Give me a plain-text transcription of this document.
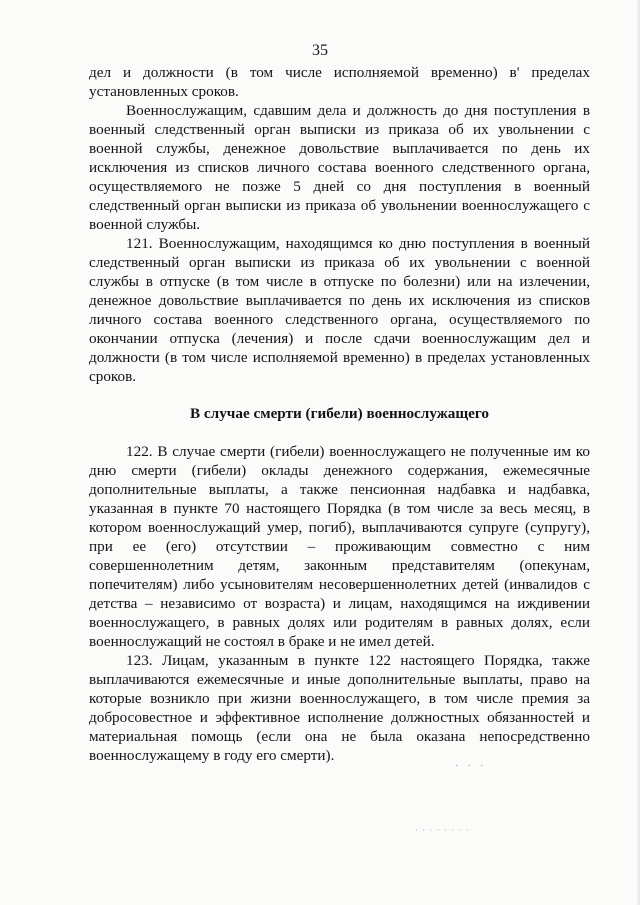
35

дел и должности (в том числе исполняемой временно) в' пределах установленных сроков.

Военнослужащим, сдавшим дела и должность до дня поступления в военный следственный орган выписки из приказа об их увольнении с военной службы, денежное довольствие выплачивается по день их исключения из списков личного состава военного следственного органа, осуществляемого не позже 5 дней со дня поступления в военный следственный орган выписки из приказа об увольнении военнослужащего с военной службы.

121. Военнослужащим, находящимся ко дню поступления в военный следственный орган выписки из приказа об их увольнении с военной службы в отпуске (в том числе в отпуске по болезни) или на излечении, денежное довольствие выплачивается по день их исключения из списков личного состава военного следственного органа, осуществляемого по окончании отпуска (лечения) и после сдачи военнослужащим дел и должности (в том числе исполняемой временно) в пределах установленных сроков.

В случае смерти (гибели) военнослужащего

122. В случае смерти (гибели) военнослужащего не полученные им ко дню смерти (гибели) оклады денежного содержания, ежемесячные дополнительные выплаты, а также пенсионная надбавка и надбавка, указанная в пункте 70 настоящего Порядка (в том числе за весь месяц, в котором военнослужащий умер, погиб), выплачиваются супруге (супругу), при ее (его) отсутствии – проживающим совместно с ним совершеннолетним детям, законным представителям (опекунам, попечителям) либо усыновителям несовершеннолетних детей (инвалидов с детства – независимо от возраста) и лицам, находящимся на иждивении военнослужащего, в равных долях или родителям в равных долях, если военнослужащий не состоял в браке и не имел детей.

123. Лицам, указанным в пункте 122 настоящего Порядка, также выплачиваются ежемесячные и иные дополнительные выплаты, право на которые возникло при жизни военнослужащего, в том числе премия за добросовестное и эффективное исполнение должностных обязанностей и материальная помощь (если она не была оказана непосредственно военнослужащему в году его смерти).

· · ·
˙ ˙ ˙ ˙ ˙ ˙ ˙ ˙
